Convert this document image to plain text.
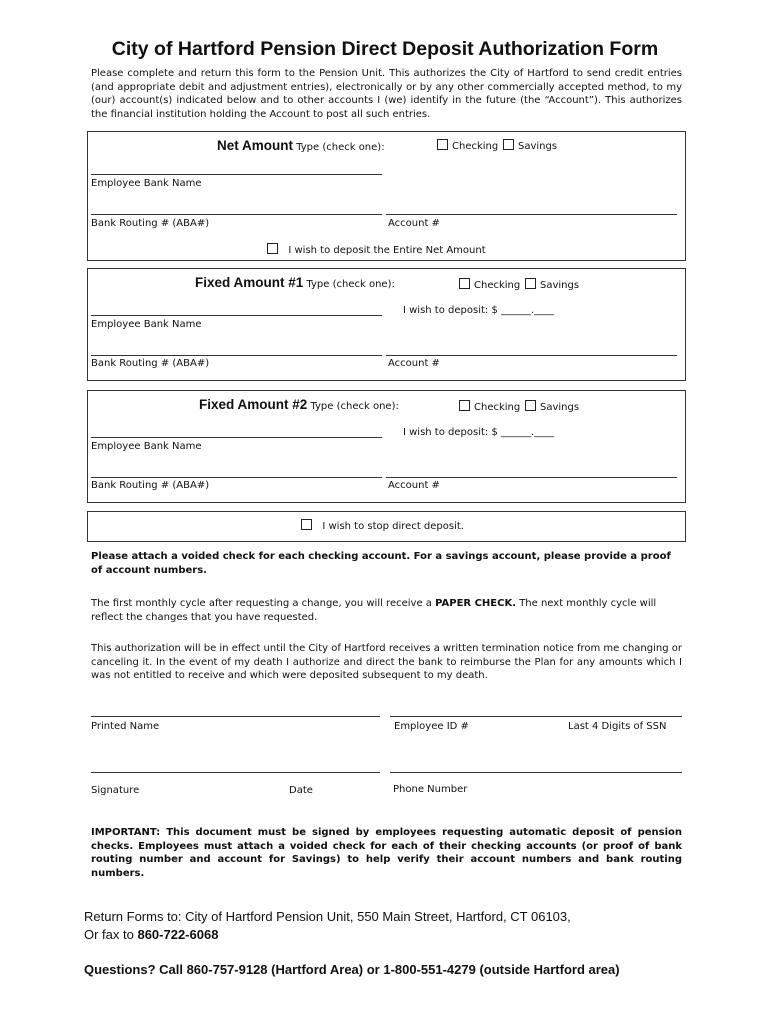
City of Hartford Pension Direct Deposit Authorization Form
Please complete and return this form to the Pension Unit. This authorizes the City of Hartford to send credit entries (and appropriate debit and adjustment entries), electronically or by any other commercially accepted method, to my (our) account(s) indicated below and to other accounts I (we) identify in the future (the “Account”). This authorizes the financial institution holding the Account to post all such entries.
Net Amount Type (check one):	Checking	Savings
Employee Bank Name
Bank Routing # (ABA#)	Account #
I wish to deposit the Entire Net Amount
Fixed Amount #1 Type (check one):	Checking	Savings
I wish to deposit: $ ______.____
Employee Bank Name
Bank Routing # (ABA#)	Account #
Fixed Amount #2 Type (check one):	Checking	Savings
I wish to deposit: $ ______.____
Employee Bank Name
Bank Routing # (ABA#)	Account #
I wish to stop direct deposit.
Please attach a voided check for each checking account. For a savings account, please provide a proof of account numbers.
The first monthly cycle after requesting a change, you will receive a PAPER CHECK. The next monthly cycle will reflect the changes that you have requested.
This authorization will be in effect until the City of Hartford receives a written termination notice from me changing or canceling it. In the event of my death I authorize and direct the bank to reimburse the Plan for any amounts which I was not entitled to receive and which were deposited subsequent to my death.
Printed Name	Employee ID #	Last 4 Digits of SSN
Signature	Date	Phone Number
IMPORTANT: This document must be signed by employees requesting automatic deposit of pension checks. Employees must attach a voided check for each of their checking accounts (or proof of bank routing number and account for Savings) to help verify their account numbers and bank routing numbers.
Return Forms to: City of Hartford Pension Unit, 550 Main Street, Hartford, CT 06103,
Or fax to 860-722-6068
Questions? Call 860-757-9128 (Hartford Area) or 1-800-551-4279 (outside Hartford area)
